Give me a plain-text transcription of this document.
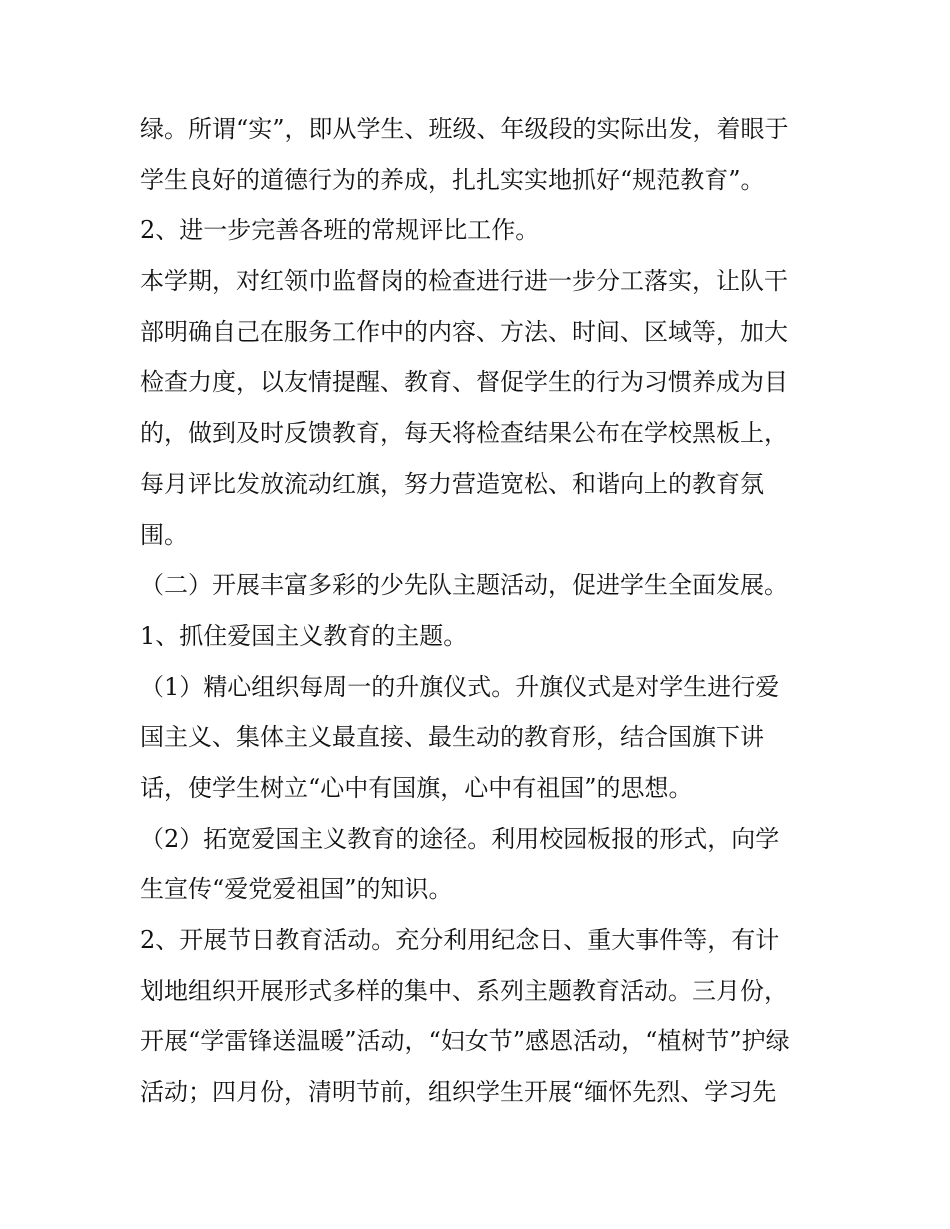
绿。所谓“实”，即从学生、班级、年级段的实际出发，着眼于
学生良好的道德行为的养成，扎扎实实地抓好“规范教育”。
2、进一步完善各班的常规评比工作。
本学期，对红领巾监督岗的检查进行进一步分工落实，让队干
部明确自己在服务工作中的内容、方法、时间、区域等，加大
检查力度，以友情提醒、教育、督促学生的行为习惯养成为目
的，做到及时反馈教育，每天将检查结果公布在学校黑板上，
每月评比发放流动红旗，努力营造宽松、和谐向上的教育氛
围。
（二）开展丰富多彩的少先队主题活动，促进学生全面发展。
1、抓住爱国主义教育的主题。
（1）精心组织每周一的升旗仪式。升旗仪式是对学生进行爱
国主义、集体主义最直接、最生动的教育形，结合国旗下讲
话，使学生树立“心中有国旗，心中有祖国”的思想。
（2）拓宽爱国主义教育的途径。利用校园板报的形式，向学
生宣传“爱党爱祖国”的知识。
2、开展节日教育活动。充分利用纪念日、重大事件等，有计
划地组织开展形式多样的集中、系列主题教育活动。三月份，
开展“学雷锋送温暖”活动，“妇女节”感恩活动，“植树节”护绿
活动；四月份，清明节前，组织学生开展“缅怀先烈、学习先
